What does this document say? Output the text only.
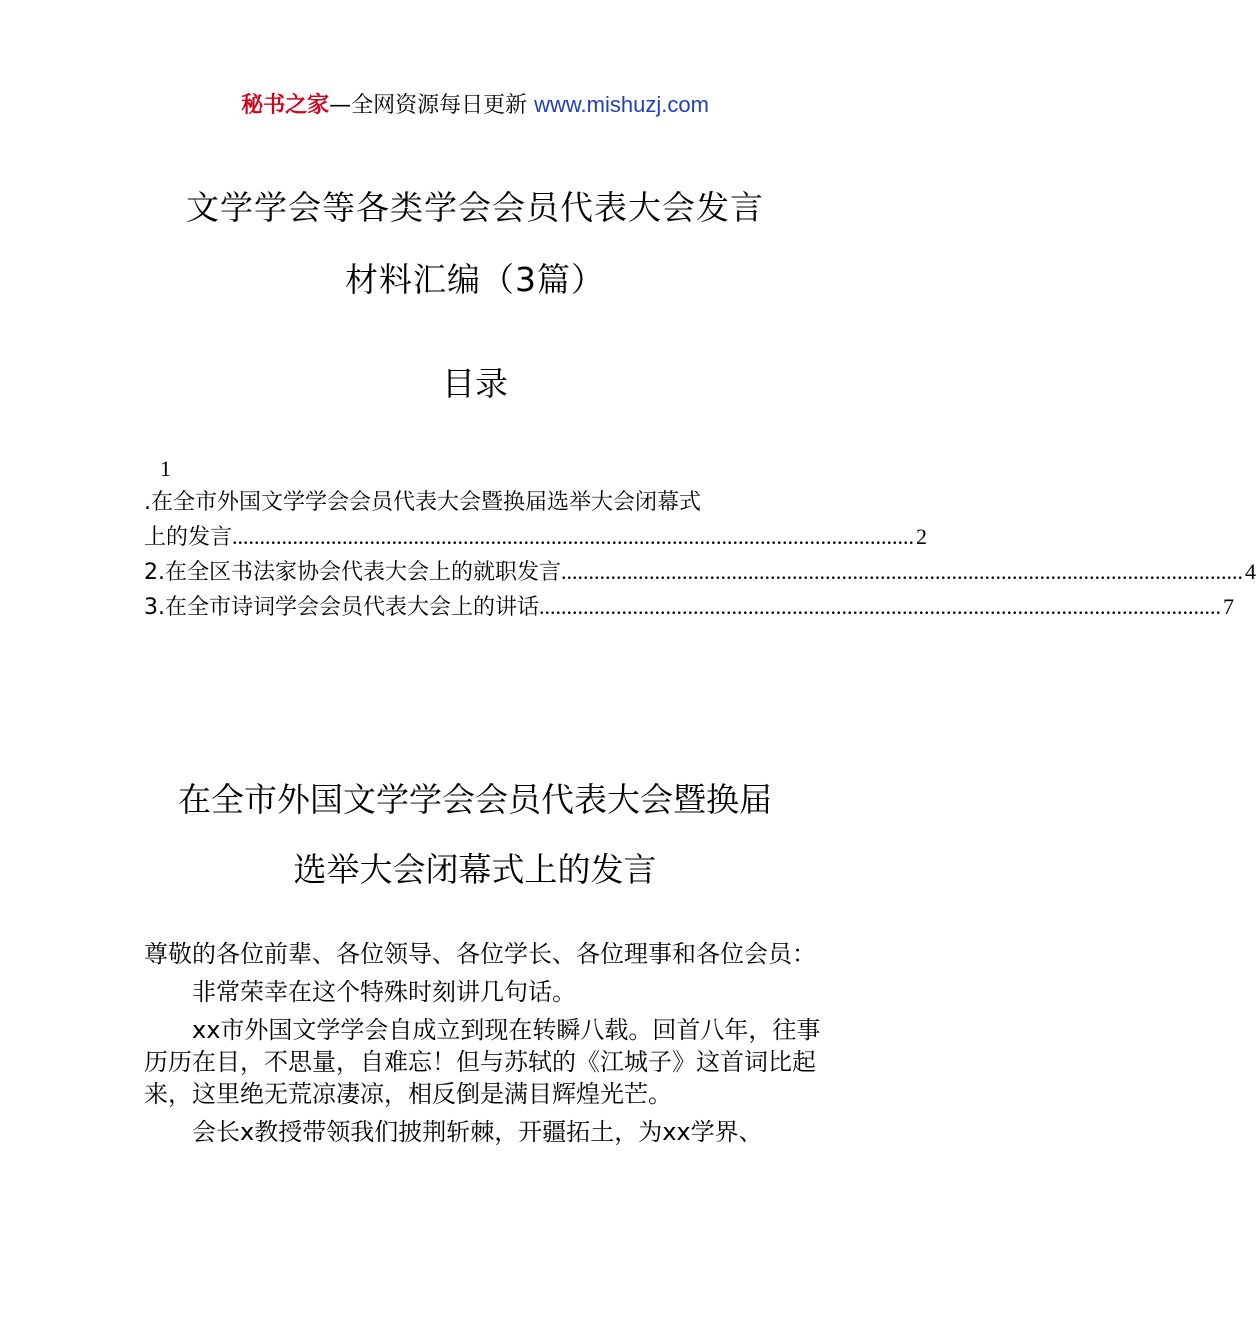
秘书之家—全网资源每日更新 www.mishuzj.com
文学学会等各类学会会员代表大会发言
材料汇编（3篇）
目录
1
.在全市外国文学学会会员代表大会暨换届选举大会闭幕式
上的发言 ............................................................................................................................ 2
2.在全区书法家协会代表大会上的就职发言 ............................................................................................................................ 4
3.在全市诗词学会会员代表大会上的讲话 ............................................................................................................................ 7
在全市外国文学学会会员代表大会暨换届
选举大会闭幕式上的发言

尊敬的各位前辈、各位领导、各位学长、各位理事和各位会员：

非常荣幸在这个特殊时刻讲几句话。

xx市外国文学学会自成立到现在转瞬八载。回首八年，往事历历在目，不思量，自难忘！但与苏轼的《江城子》这首词比起来，这里绝无荒凉凄凉，相反倒是满目辉煌光芒。

会长x教授带领我们披荆斩棘，开疆拓土，为xx学界、
